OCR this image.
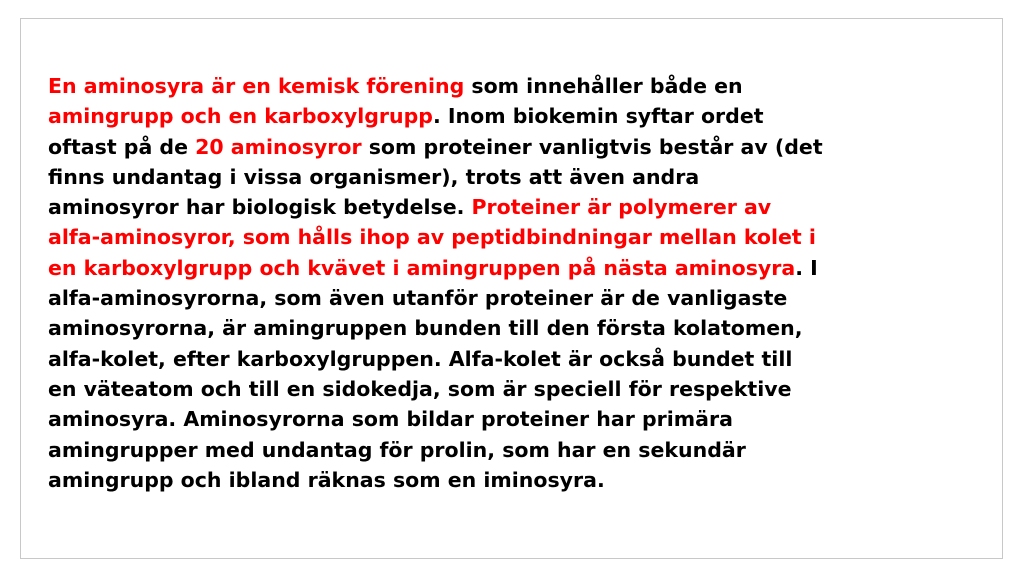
En aminosyra är en kemisk förening som innehåller både en
amingrupp och en karboxylgrupp. Inom biokemin syftar ordet
oftast på de 20 aminosyror som proteiner vanligtvis består av (det
finns undantag i vissa organismer), trots att även andra
aminosyror har biologisk betydelse. Proteiner är polymerer av
alfa-aminosyror, som hålls ihop av peptidbindningar mellan kolet i
en karboxylgrupp och kvävet i amingruppen på nästa aminosyra. I
alfa-aminosyrorna, som även utanför proteiner är de vanligaste
aminosyrorna, är amingruppen bunden till den första kolatomen,
alfa-kolet, efter karboxylgruppen. Alfa-kolet är också bundet till
en väteatom och till en sidokedja, som är speciell för respektive
aminosyra. Aminosyrorna som bildar proteiner har primära
amingrupper med undantag för prolin, som har en sekundär
amingrupp och ibland räknas som en iminosyra.
